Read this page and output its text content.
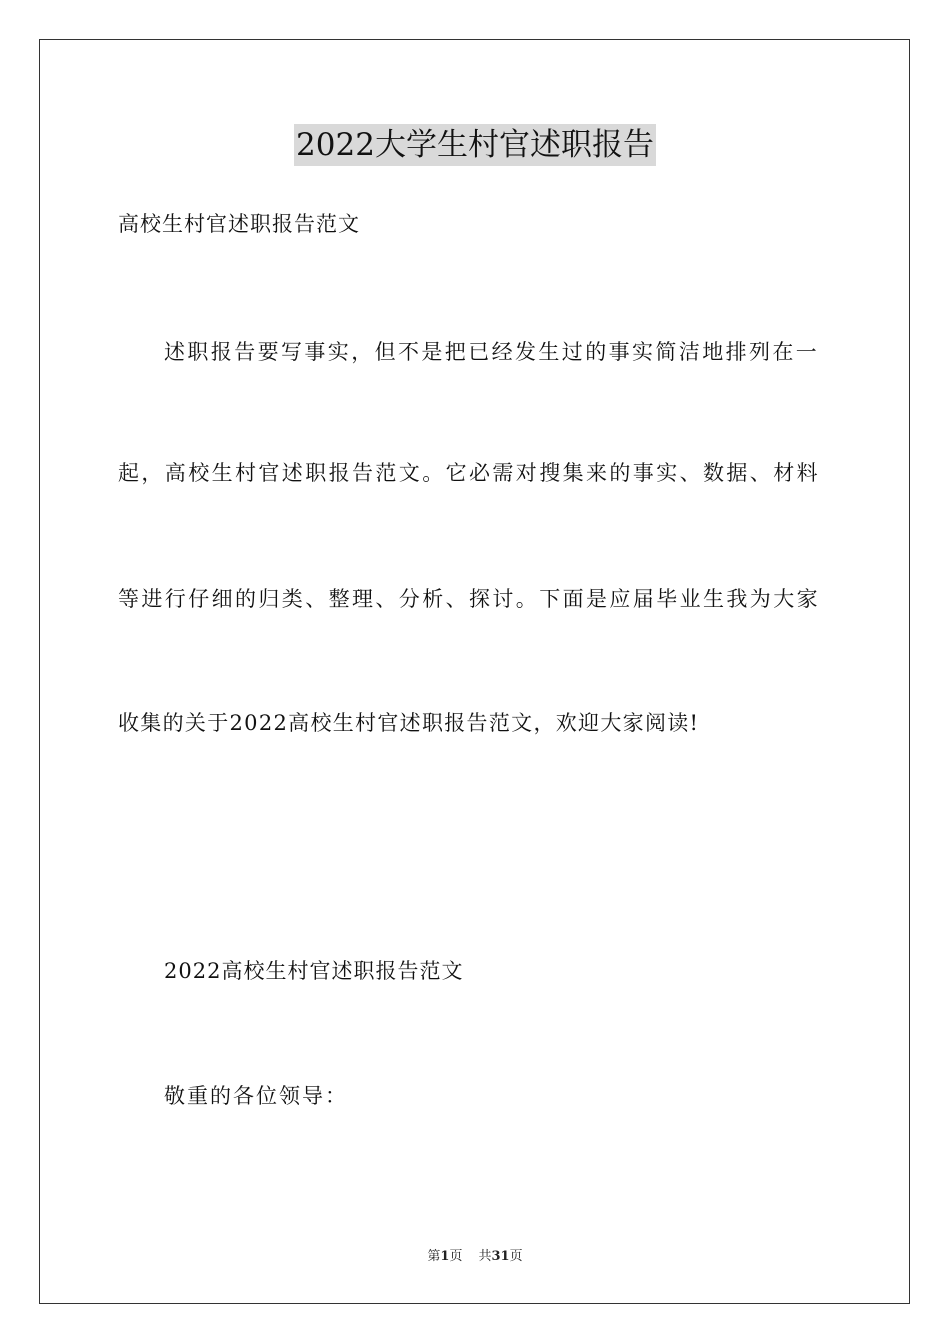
2022大学生村官述职报告
高校生村官述职报告范文
述职报告要写事实，但不是把已经发生过的事实简洁地排列在一
起，高校生村官述职报告范文。它必需对搜集来的事实、数据、材料
等进行仔细的归类、整理、分析、探讨。下面是应届毕业生我为大家
收集的关于2022高校生村官述职报告范文，欢迎大家阅读!
2022高校生村官述职报告范文
敬重的各位领导：
第1页 共31页
